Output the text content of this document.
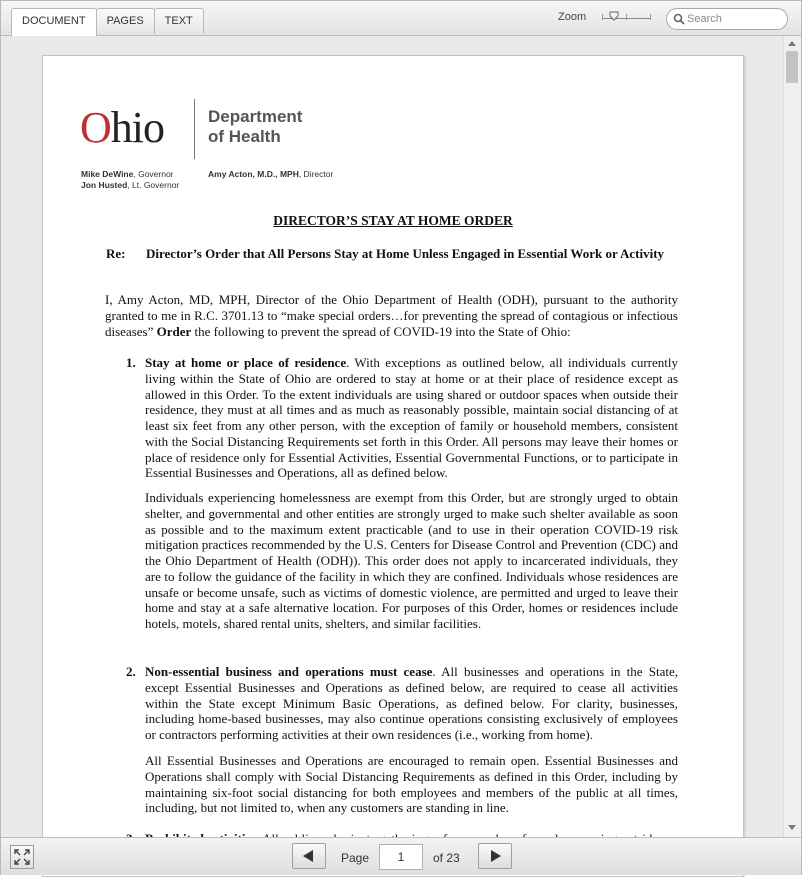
DOCUMENT	PAGES	TEXT	Zoom
Search
Ohio	Department
of Health
Mike DeWine, Governor
Jon Husted, Lt. Governor
Amy Acton, M.D., MPH, Director
DIRECTOR’S STAY AT HOME ORDER
Re: Director’s Order that All Persons Stay at Home Unless Engaged in Essential Work or Activity
I, Amy Acton, MD, MPH, Director of the Ohio Department of Health (ODH), pursuant to the authority granted to me in R.C. 3701.13 to “make special orders…for preventing the spread of contagious or infectious diseases” Order the following to prevent the spread of COVID-19 into the State of Ohio:
1. Stay at home or place of residence. With exceptions as outlined below, all individuals currently living within the State of Ohio are ordered to stay at home or at their place of residence except as allowed in this Order. To the extent individuals are using shared or outdoor spaces when outside their residence, they must at all times and as much as reasonably possible, maintain social distancing of at least six feet from any other person, with the exception of family or household members, consistent with the Social Distancing Requirements set forth in this Order. All persons may leave their homes or place of residence only for Essential Activities, Essential Governmental Functions, or to participate in Essential Businesses and Operations, all as defined below.
Individuals experiencing homelessness are exempt from this Order, but are strongly urged to obtain shelter, and governmental and other entities are strongly urged to make such shelter available as soon as possible and to the maximum extent practicable (and to use in their operation COVID-19 risk mitigation practices recommended by the U.S. Centers for Disease Control and Prevention (CDC) and the Ohio Department of Health (ODH)). This order does not apply to incarcerated individuals, they are to follow the guidance of the facility in which they are confined. Individuals whose residences are unsafe or become unsafe, such as victims of domestic violence, are permitted and urged to leave their home and stay at a safe alternative location. For purposes of this Order, homes or residences include hotels, motels, shared rental units, shelters, and similar facilities.
2. Non-essential business and operations must cease. All businesses and operations in the State, except Essential Businesses and Operations as defined below, are required to cease all activities within the State except Minimum Basic Operations, as defined below. For clarity, businesses, including home-based businesses, may also continue operations consisting exclusively of employees or contractors performing activities at their own residences (i.e., working from home).
All Essential Businesses and Operations are encouraged to remain open. Essential Businesses and Operations shall comply with Social Distancing Requirements as defined in this Order, including by maintaining six-foot social distancing for both employees and members of the public at all times, including, but not limited to, when any customers are standing in line.
Page
1	of 23
